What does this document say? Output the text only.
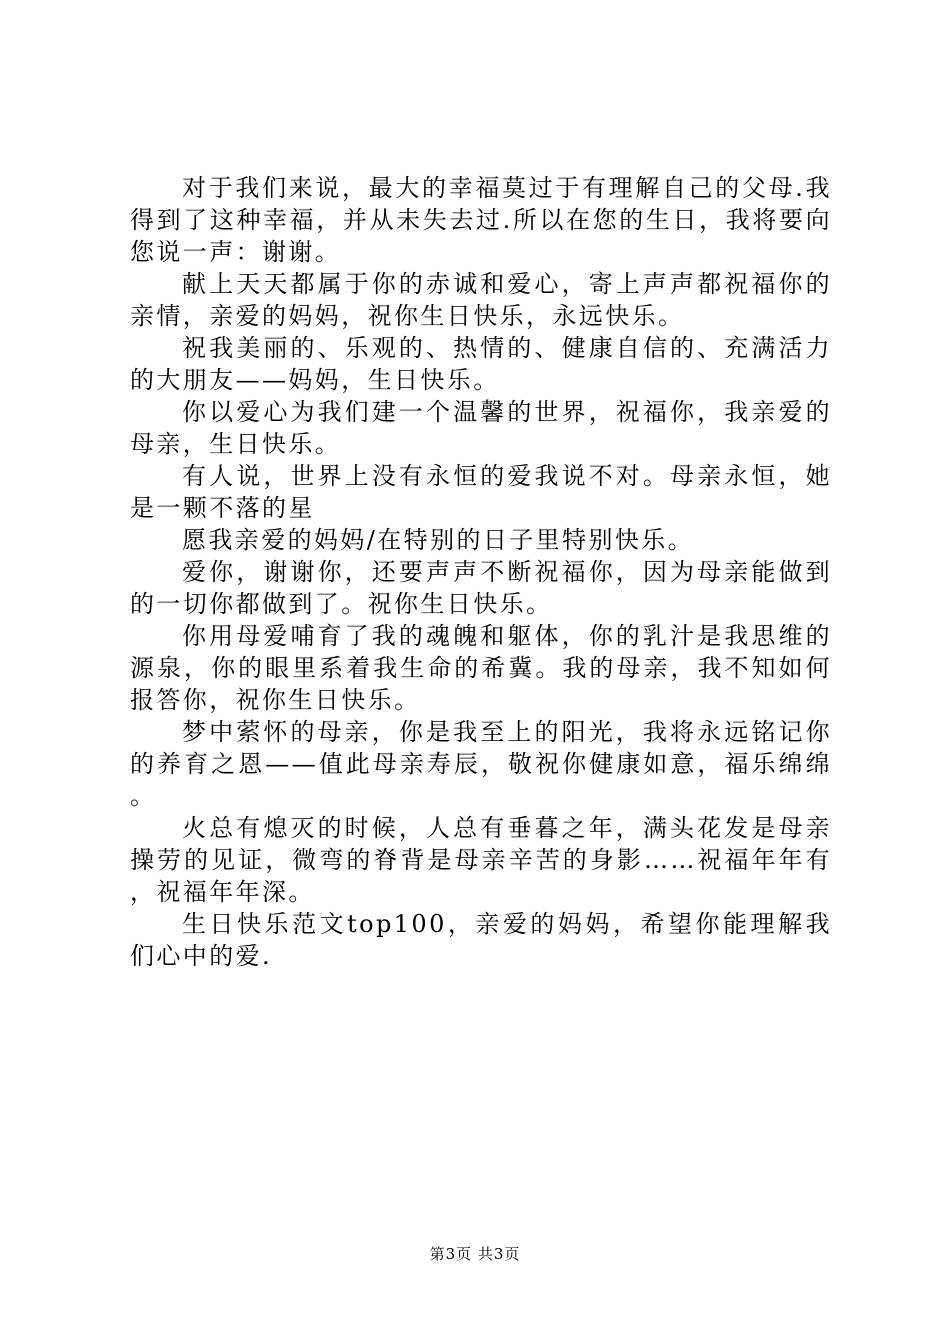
对于我们来说，最大的幸福莫过于有理解自己的父母.我得到了这种幸福，并从未失去过.所以在您的生日，我将要向您说一声：谢谢。

献上天天都属于你的赤诚和爱心，寄上声声都祝福你的亲情，亲爱的妈妈，祝你生日快乐，永远快乐。

祝我美丽的、乐观的、热情的、健康自信的、充满活力的大朋友——妈妈，生日快乐。

你以爱心为我们建一个温馨的世界，祝福你，我亲爱的母亲，生日快乐。

有人说，世界上没有永恒的爱我说不对。母亲永恒，她是一颗不落的星

愿我亲爱的妈妈/在特别的日子里特别快乐。

爱你，谢谢你，还要声声不断祝福你，因为母亲能做到的一切你都做到了。祝你生日快乐。

你用母爱哺育了我的魂魄和躯体，你的乳汁是我思维的源泉，你的眼里系着我生命的希冀。我的母亲，我不知如何报答你，祝你生日快乐。

梦中萦怀的母亲，你是我至上的阳光，我将永远铭记你的养育之恩——值此母亲寿辰，敬祝你健康如意，福乐绵绵。

火总有熄灭的时候，人总有垂暮之年，满头花发是母亲操劳的见证，微弯的脊背是母亲辛苦的身影……祝福年年有，祝福年年深。

生日快乐范文top100，亲爱的妈妈，希望你能理解我们心中的爱.

第3页 共3页
